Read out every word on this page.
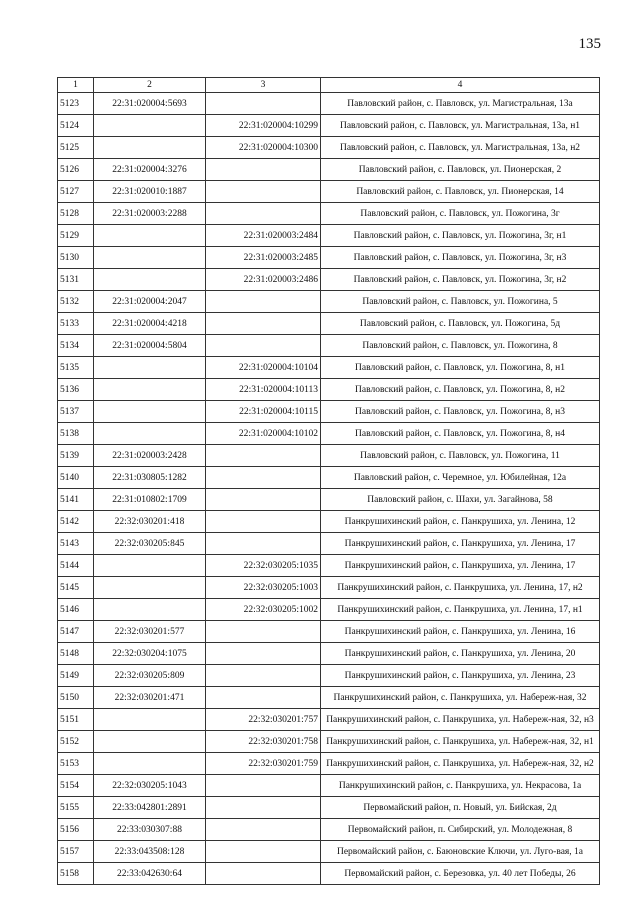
135
1	2	3	4
5123	22:31:020004:5693		Павловский район, с. Павловск, ул. Магистральная, 13а
5124		22:31:020004:10299	Павловский район, с. Павловск, ул. Магистральная, 13а, н1
5125		22:31:020004:10300	Павловский район, с. Павловск, ул. Магистральная, 13а, н2
5126	22:31:020004:3276		Павловский район, с. Павловск, ул. Пионерская, 2
5127	22:31:020010:1887		Павловский район, с. Павловск, ул. Пионерская, 14
5128	22:31:020003:2288		Павловский район, с. Павловск, ул. Пожогина, 3г
5129		22:31:020003:2484	Павловский район, с. Павловск, ул. Пожогина, 3г, н1
5130		22:31:020003:2485	Павловский район, с. Павловск, ул. Пожогина, 3г, н3
5131		22:31:020003:2486	Павловский район, с. Павловск, ул. Пожогина, 3г, н2
5132	22:31:020004:2047		Павловский район, с. Павловск, ул. Пожогина, 5
5133	22:31:020004:4218		Павловский район, с. Павловск, ул. Пожогина, 5д
5134	22:31:020004:5804		Павловский район, с. Павловск, ул. Пожогина, 8
5135		22:31:020004:10104	Павловский район, с. Павловск, ул. Пожогина, 8, н1
5136		22:31:020004:10113	Павловский район, с. Павловск, ул. Пожогина, 8, н2
5137		22:31:020004:10115	Павловский район, с. Павловск, ул. Пожогина, 8, н3
5138		22:31:020004:10102	Павловский район, с. Павловск, ул. Пожогина, 8, н4
5139	22:31:020003:2428		Павловский район, с. Павловск, ул. Пожогина, 11
5140	22:31:030805:1282		Павловский район, с. Черемное, ул. Юбилейная, 12а
5141	22:31:010802:1709		Павловский район, с. Шахи, ул. Загайнова, 58
5142	22:32:030201:418		Панкрушихинский район, с. Панкрушиха, ул. Ленина, 12
5143	22:32:030205:845		Панкрушихинский район, с. Панкрушиха, ул. Ленина, 17
5144		22:32:030205:1035	Панкрушихинский район, с. Панкрушиха, ул. Ленина, 17
5145		22:32:030205:1003	Панкрушихинский район, с. Панкрушиха, ул. Ленина, 17, н2
5146		22:32:030205:1002	Панкрушихинский район, с. Панкрушиха, ул. Ленина, 17, н1
5147	22:32:030201:577		Панкрушихинский район, с. Панкрушиха, ул. Ленина, 16
5148	22:32:030204:1075		Панкрушихинский район, с. Панкрушиха, ул. Ленина, 20
5149	22:32:030205:809		Панкрушихинский район, с. Панкрушиха, ул. Ленина, 23
5150	22:32:030201:471		Панкрушихинский район, с. Панкрушиха, ул. Набереж-ная, 32
5151		22:32:030201:757	Панкрушихинский район, с. Панкрушиха, ул. Набереж-ная, 32, н3
5152		22:32:030201:758	Панкрушихинский район, с. Панкрушиха, ул. Набереж-ная, 32, н1
5153		22:32:030201:759	Панкрушихинский район, с. Панкрушиха, ул. Набереж-ная, 32, н2
5154	22:32:030205:1043		Панкрушихинский район, с. Панкрушиха, ул. Некрасова, 1а
5155	22:33:042801:2891		Первомайский район, п. Новый, ул. Бийская, 2д
5156	22:33:030307:88		Первомайский район, п. Сибирский, ул. Молодежная, 8
5157	22:33:043508:128		Первомайский район, с. Баюновские Ключи, ул. Луго-вая, 1а
5158	22:33:042630:64		Первомайский район, с. Березовка, ул. 40 лет Победы, 26
